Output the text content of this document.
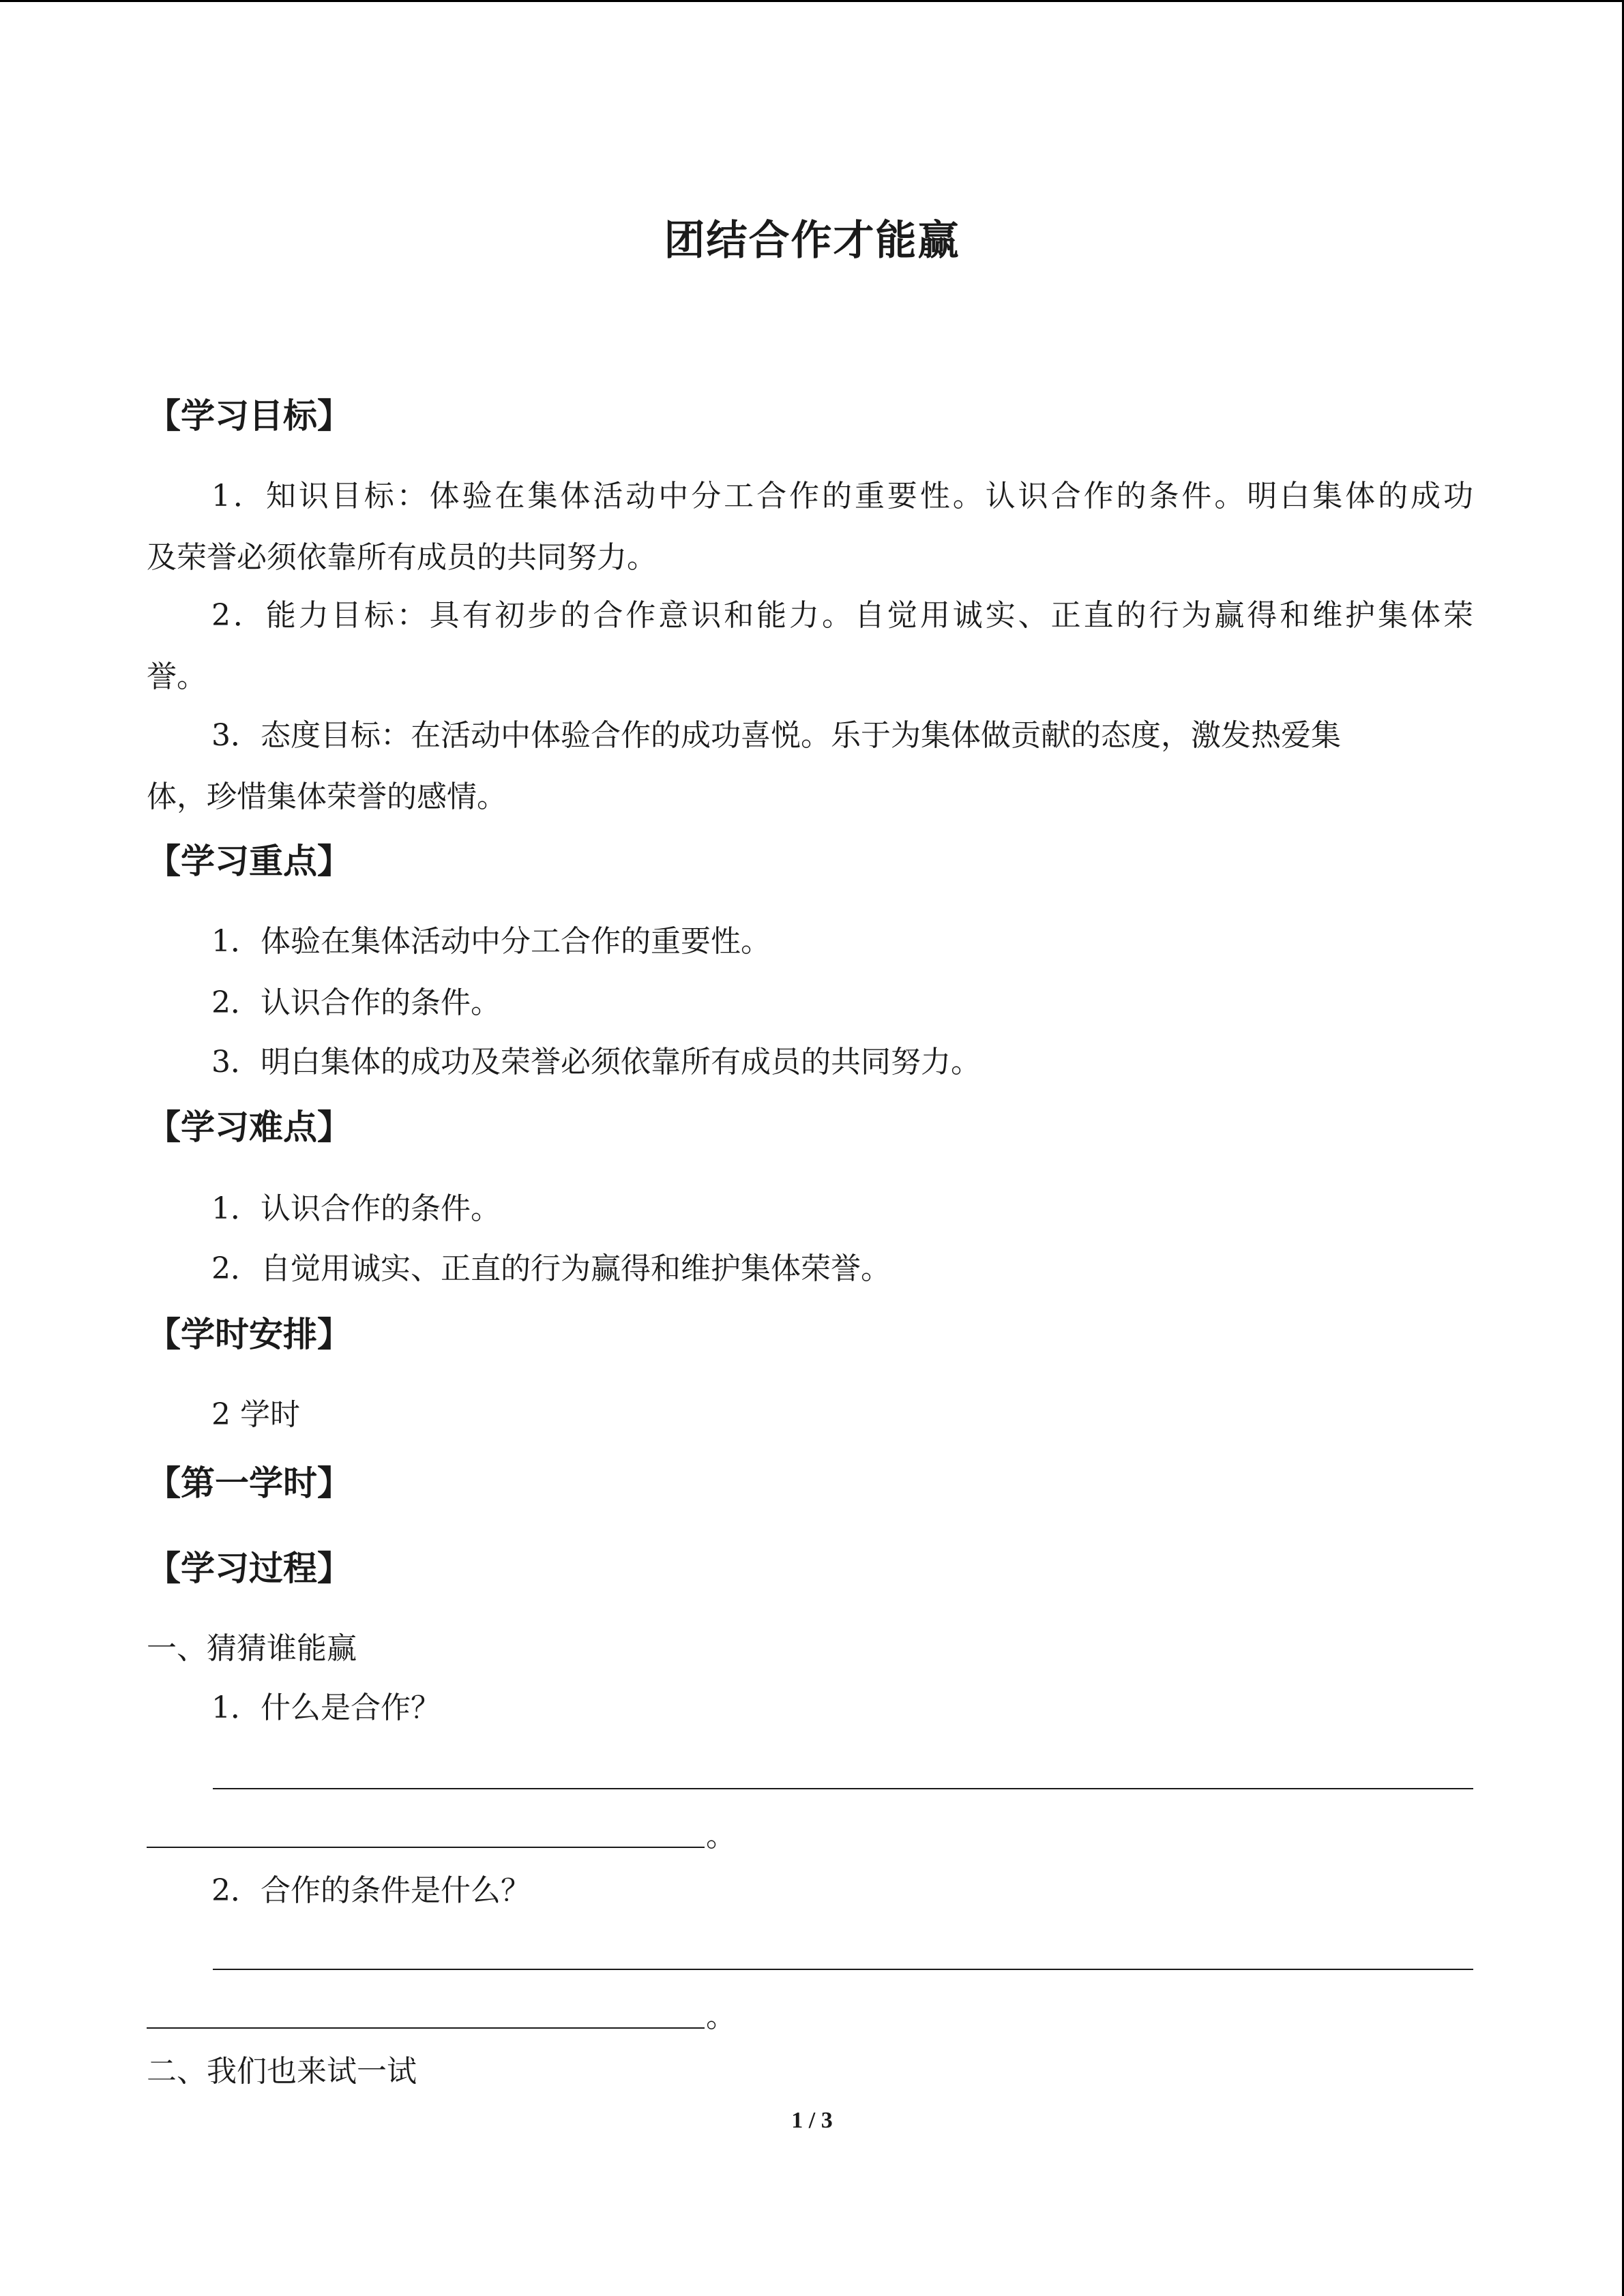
团结合作才能赢
【学习目标】
1．知识目标：体验在集体活动中分工合作的重要性。认识合作的条件。明白集体的成功
及荣誉必须依靠所有成员的共同努力。
2．能力目标：具有初步的合作意识和能力。自觉用诚实、正直的行为赢得和维护集体荣
誉。
3．态度目标：在活动中体验合作的成功喜悦。乐于为集体做贡献的态度，激发热爱集
体，珍惜集体荣誉的感情。
【学习重点】
1．体验在集体活动中分工合作的重要性。
2．认识合作的条件。
3．明白集体的成功及荣誉必须依靠所有成员的共同努力。
【学习难点】
1．认识合作的条件。
2．自觉用诚实、正直的行为赢得和维护集体荣誉。
【学时安排】
2 学时
【第一学时】
【学习过程】
一、猜猜谁能赢
1．什么是合作？
。
2．合作的条件是什么？
。
二、我们也来试一试
1 / 3
